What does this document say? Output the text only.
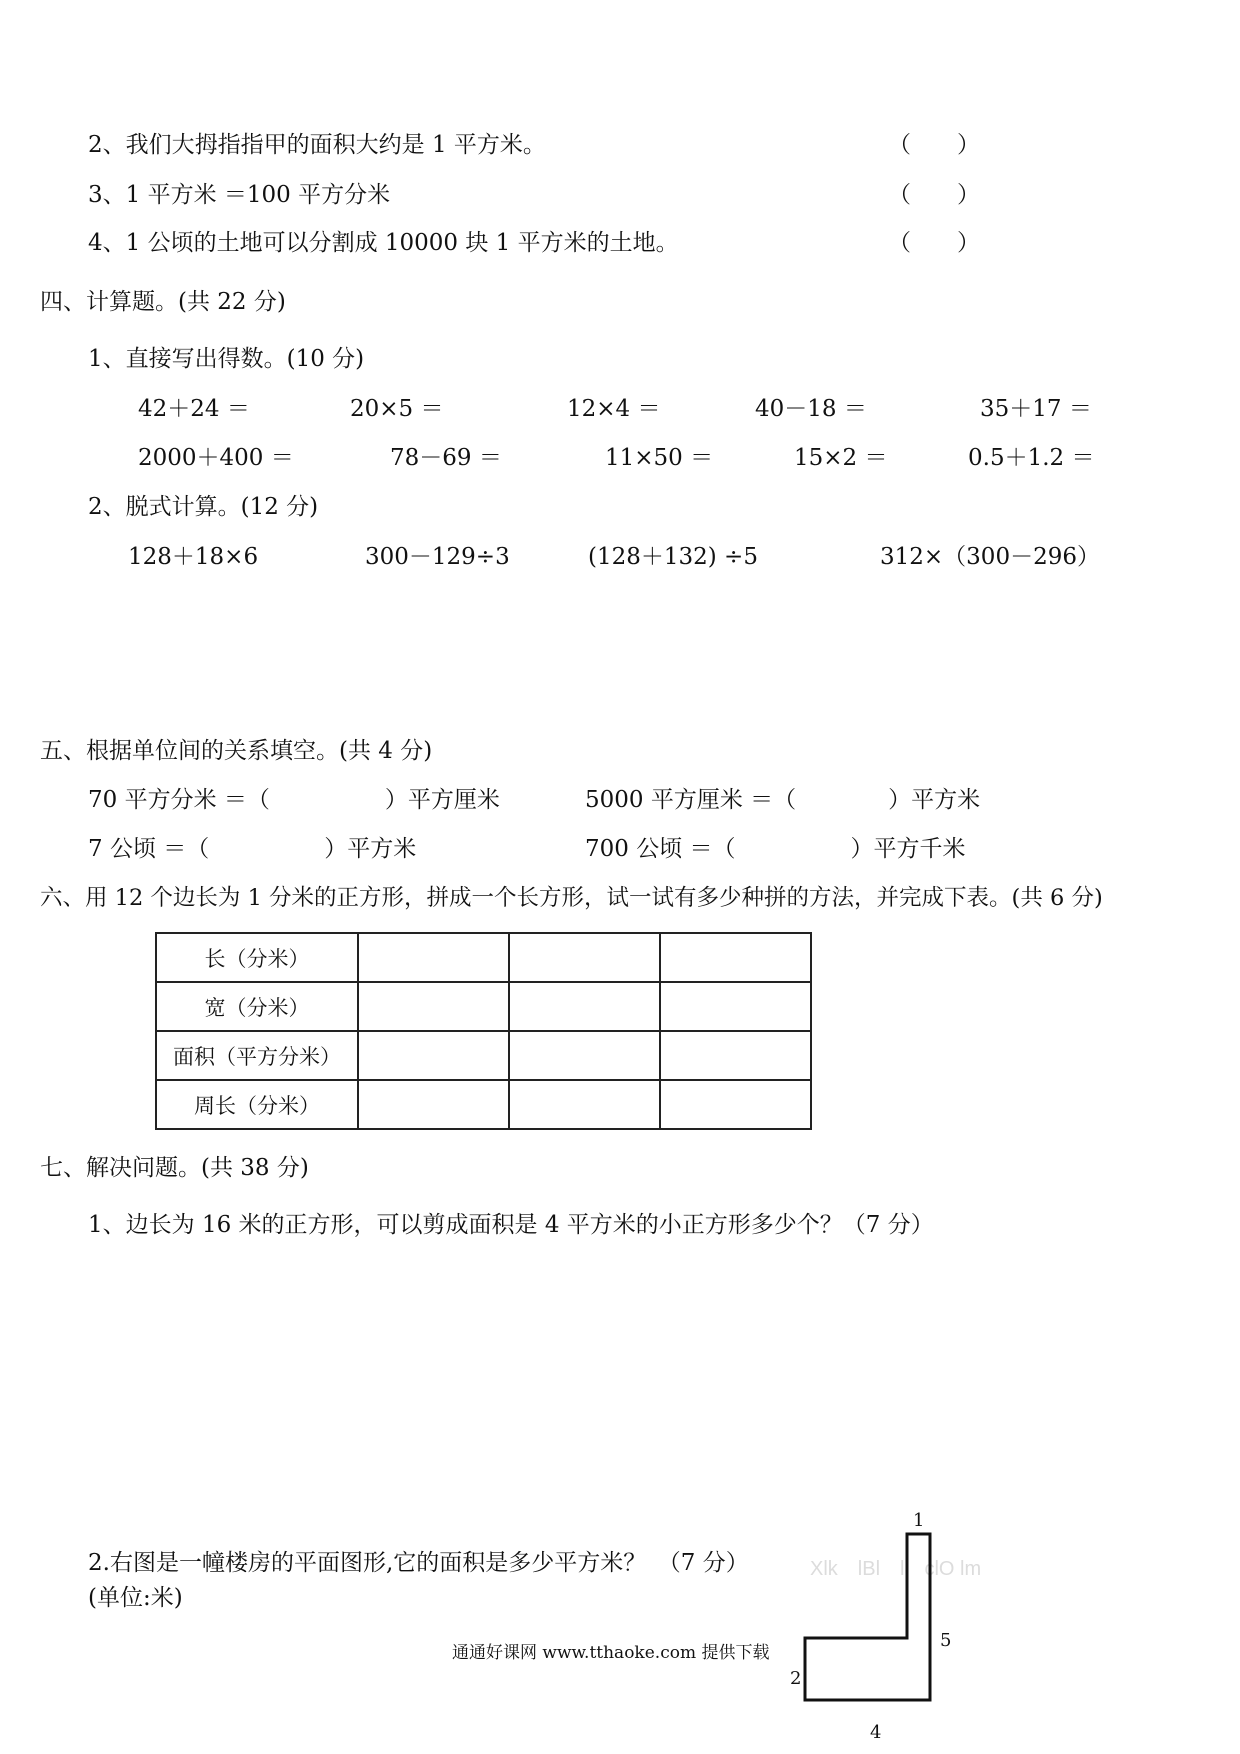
2、我们大拇指指甲的面积大约是 1 平方米。	（　　）
3、1 平方米 ＝100 平方分米	（　　）
4、1 公顷的土地可以分割成 10000 块 1 平方米的土地。	（　　）
四、计算题。(共 22 分)
1、直接写出得数。(10 分)
42＋24 ＝	20×5 ＝	12×4 ＝	40－18 ＝	35＋17 ＝
2000＋400 ＝	78－69 ＝	11×50 ＝	15×2 ＝	0.5＋1.2 ＝
2、脱式计算。(12 分)
128＋18×6	300－129÷3	(128＋132) ÷5	312×（300－296）
五、根据单位间的关系填空。(共 4 分)
70 平方分米 ＝（　　　　　）平方厘米	5000 平方厘米 ＝（　　　　）平方米
7 公顷 ＝（　　　　　）平方米	700 公顷 ＝（　　　　　）平方千米
六、用 12 个边长为 1 分米的正方形，拼成一个长方形，试一试有多少种拼的方法，并完成下表。(共 6 分)
长（分米）			
宽（分米）			
面积（平方分米）			
周长（分米）			
七、解决问题。(共 38 分)
1、边长为 16 米的正方形，可以剪成面积是 4 平方米的小正方形多少个？（7 分）
2.右图是一幢楼房的平面图形,它的面积是多少平方米？　（7 分）	Xlk　lBl　l　clO lm
(单位:米)
1
5
2
4
通通好课网 www.tthaoke.com 提供下载
